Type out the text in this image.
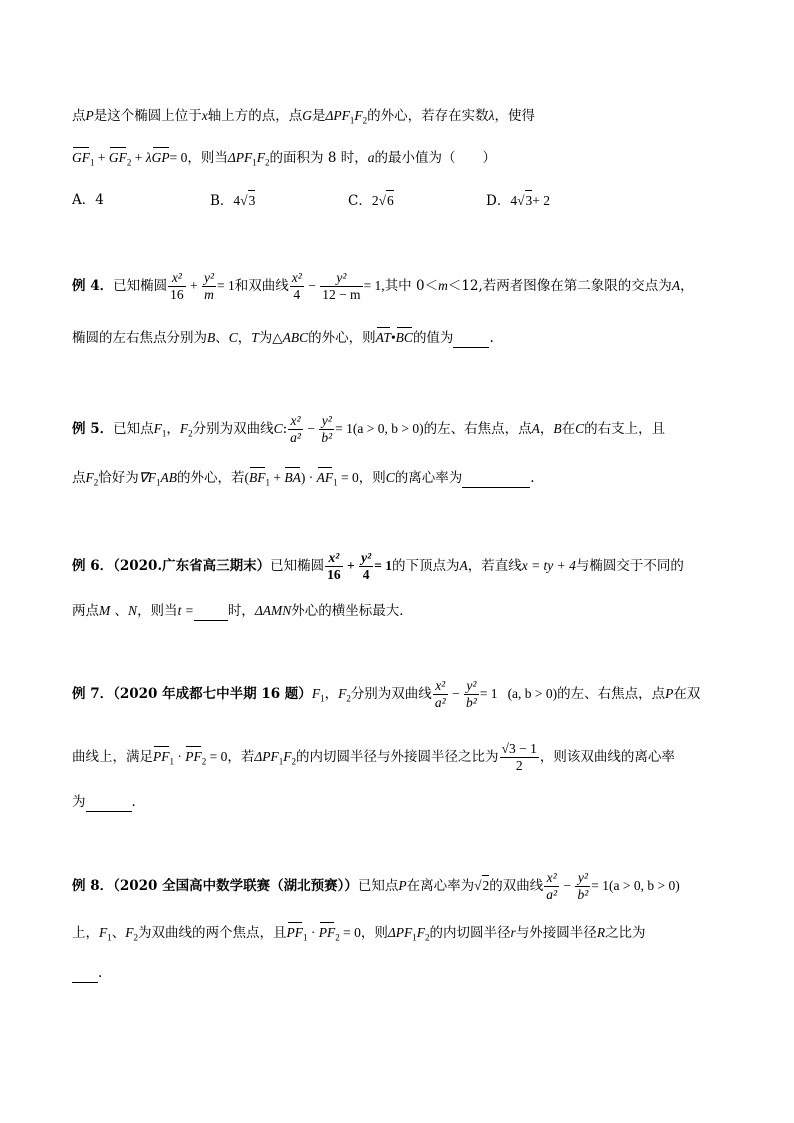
点P是这个椭圆上位于x轴上方的点，点G是$\Delta PF_1F_2$的外心，若存在实数λ，使得
$GF_1 + GF_2 + \lambda GP= 0$，则当$\Delta PF_1F_2$的面积为 8 时，a的最小值为（　　）
A．4	B．4√3	C．2√6	D．4√3+ 2
例 4．已知椭圆 $\frac{\text{x²}}{16} + \frac{\text{y²}}{m} = 1$和双曲线 $\frac{\text{x²}}{4} - \frac{\text{y²}}{12 - m} = 1$,其中 0＜m＜12,若两者图像在第二象限的交点为A，
椭圆的左右焦点分别为B、C，T为△ABC的外心，则AT•BC的值为	.
例 5．已知点$F_1$，$F_2$分别为双曲线C: $\frac{\text{x²}}{\text{a²}} - \frac{\text{y²}}{\text{b²}} = 1(a > 0$, b > 0)的左、右焦点，点A，B在C的右支上，且
点$F_2$恰好为$\nabla F_1AB$的外心，若$(BF_1 + BA) \cdot AF_1 = 0$，则C的离心率为	.
例 6．（2020.广东省高三期末）已知椭圆 $\frac{\text{x²}}{16} + \frac{\text{y²}}{4} = 1$的下顶点为A，若直线x = ty + 4与椭圆交于不同的
两点M 、N，则当t =	时，ΔAMN外心的横坐标最大．
例 7．（2020 年成都七中半期 16 题）$F_1$，$F_2$分别为双曲线 $\frac{\text{x²}}{\text{a²}} - \frac{\text{y²}}{\text{b²}} = 1$ (a, b > 0)的左、右焦点，点P在双
曲线上，满足$PF_1 \cdot PF_2 = 0$，若$\Delta PF_1F_2$的内切圆半径与外接圆半径之比为 $\frac{√3 - 1}{2}$ ，则该双曲线的离心率
为	．
例 8．（2020 全国高中数学联赛（湖北预赛））已知点P在离心率为√2的双曲线 $\frac{\text{x²}}{\text{a²}} - \frac{\text{y²}}{\text{b²}} = 1(a > 0$, b > 0)
上，$F_1$、$F_2$为双曲线的两个焦点，且$PF_1 \cdot PF_2 = 0$，则$\Delta PF_1F_2$的内切圆半径r与外接圆半径R之比为
.
